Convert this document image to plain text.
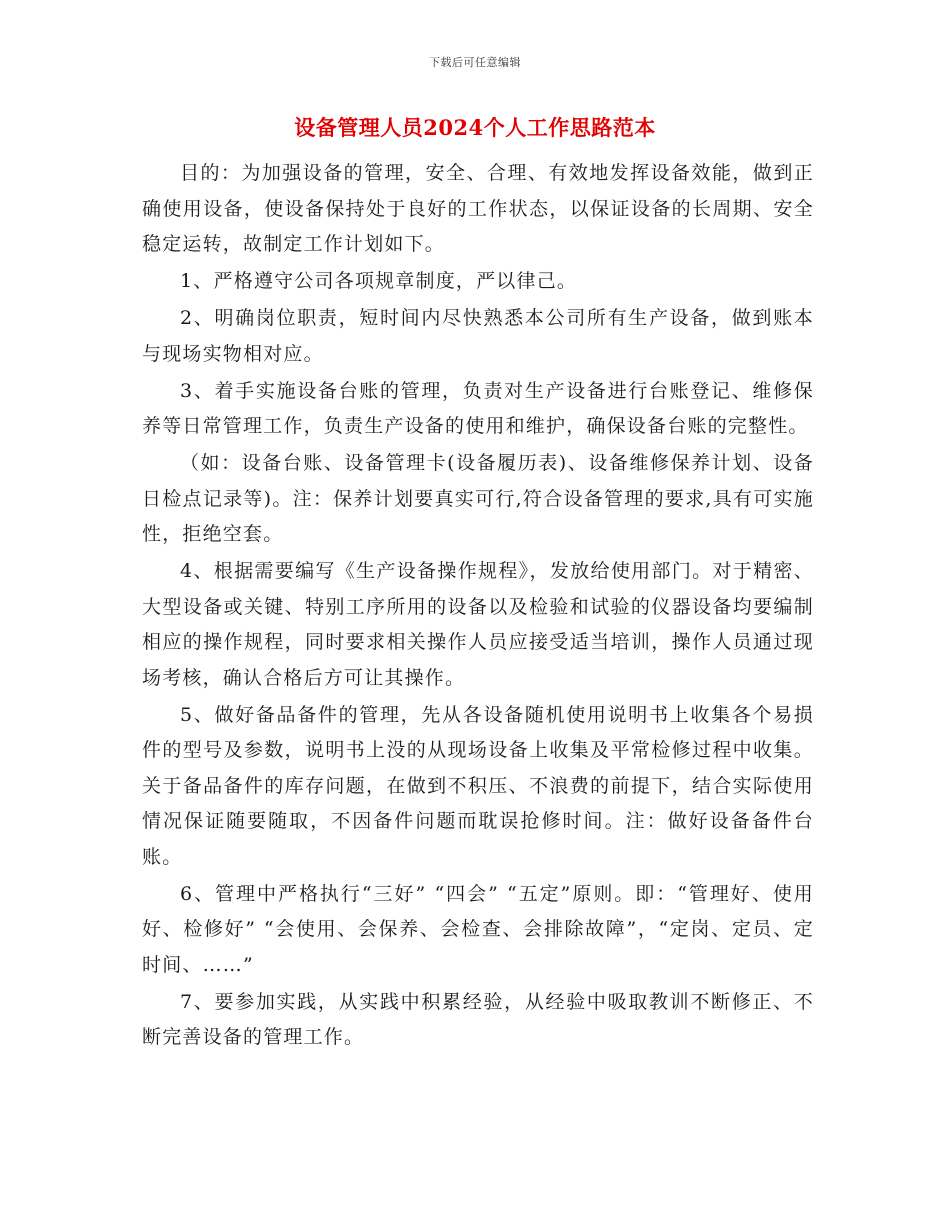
下载后可任意编辑
设备管理人员2024个人工作思路范本

目的：为加强设备的管理，安全、合理、有效地发挥设备效能，做到正确使用设备，使设备保持处于良好的工作状态，以保证设备的长周期、安全稳定运转，故制定工作计划如下。

1、严格遵守公司各项规章制度，严以律己。

2、明确岗位职责，短时间内尽快熟悉本公司所有生产设备，做到账本与现场实物相对应。

3、着手实施设备台账的管理，负责对生产设备进行台账登记、维修保养等日常管理工作，负责生产设备的使用和维护，确保设备台账的完整性。

（如：设备台账、设备管理卡(设备履历表)、设备维修保养计划、设备日检点记录等)。注：保养计划要真实可行,符合设备管理的要求,具有可实施性，拒绝空套。

4、根据需要编写《生产设备操作规程》，发放给使用部门。对于精密、大型设备或关键、特别工序所用的设备以及检验和试验的仪器设备均要编制相应的操作规程，同时要求相关操作人员应接受适当培训，操作人员通过现场考核，确认合格后方可让其操作。

5、做好备品备件的管理，先从各设备随机使用说明书上收集各个易损件的型号及参数，说明书上没的从现场设备上收集及平常检修过程中收集。关于备品备件的库存问题，在做到不积压、不浪费的前提下，结合实际使用情况保证随要随取，不因备件问题而耽误抢修时间。注：做好设备备件台账。

6、管理中严格执行“三好” “四会” “五定”原则。即：“管理好、使用好、检修好” “会使用、会保养、会检查、会排除故障”，“定岗、定员、定时间、……”

7、要参加实践，从实践中积累经验，从经验中吸取教训不断修正、不断完善设备的管理工作。
